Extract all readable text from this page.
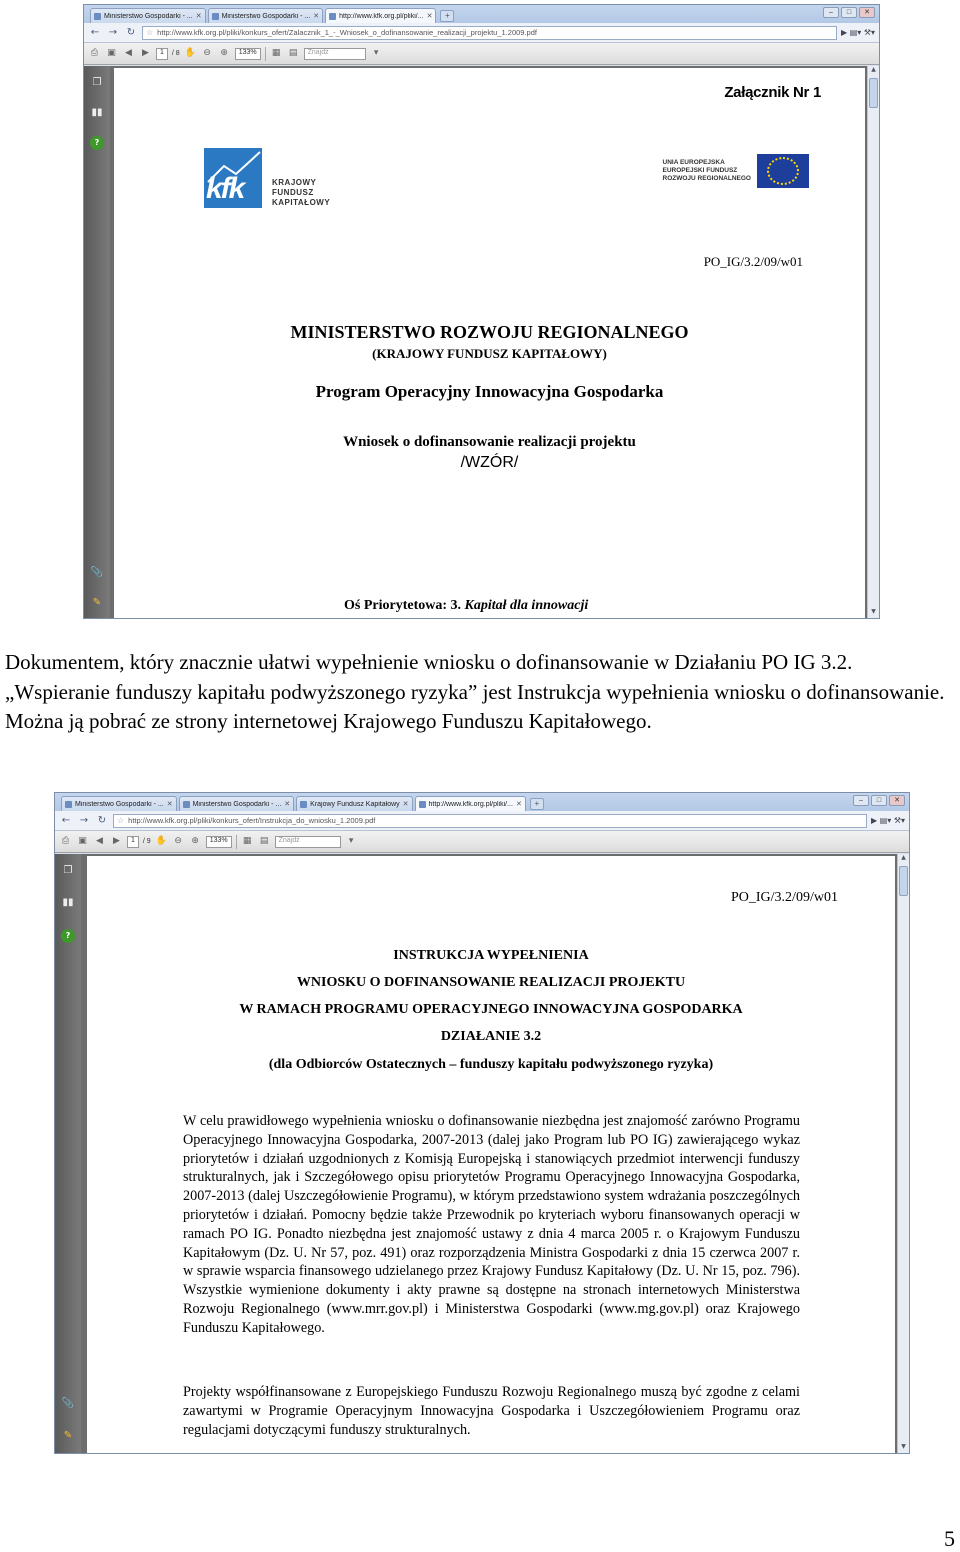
Ministerstwo Gospodarki - ... ✕	Ministerstwo Gospodarki - ... ✕	http://www.kfk.org.pl/pliki/... ✕	+	–	□	✕
← → ↻	☆ http://www.kfk.org.pl/pliki/konkurs_ofert/Zalacznik_1_-_Wniosek_o_dofinansowanie_realizacji_projektu_1.2009.pdf	▶ ▤▾ ⚒▾
⎙	▣	◀	▶	1	/ 8 ✋ ⊖	⊕	133%	▦ ▤	Znajdź	▾
❐
▮▮
?
📎
✎
Załącznik Nr 1
kfk	KRAJOWY
FUNDUSZ
KAPITAŁOWY
UNIA EUROPEJSKA
EUROPEJSKI FUNDUSZ
ROZWOJU REGIONALNEGO
PO_IG/3.2/09/w01
MINISTERSTWO ROZWOJU REGIONALNEGO
(KRAJOWY FUNDUSZ KAPITAŁOWY)
Program Operacyjny Innowacyjna Gospodarka
Wniosek o dofinansowanie realizacji projektu
/WZÓR/
Oś Priorytetowa: 3. Kapitał dla innowacji
▲
▼

Dokumentem, który znacznie ułatwi wypełnienie wniosku o dofinansowanie w Działaniu PO IG 3.2. „Wspieranie funduszy kapitału podwyższonego ryzyka” jest Instrukcja wypełnienia wniosku o dofinansowanie. Można ją pobrać ze strony internetowej Krajowego Funduszu Kapitałowego.

Ministerstwo Gospodarki - ... ✕	Ministerstwo Gospodarki - ... ✕	Krajowy Fundusz Kapitałowy ✕	http://www.kfk.org.pl/pliki/... ✕	+	–	□	✕
← → ↻	☆ http://www.kfk.org.pl/pliki/konkurs_ofert/Instrukcja_do_wniosku_1.2009.pdf	▶ ▤▾ ⚒▾
⎙	▣	◀	▶	1	/ 9 ✋ ⊖	⊕	133%	▦ ▤	Znajdź	▾
❐
▮▮
?
📎
✎
PO_IG/3.2/09/w01
INSTRUKCJA WYPEŁNIENIA
WNIOSKU O DOFINANSOWANIE REALIZACJI PROJEKTU
W RAMACH PROGRAMU OPERACYJNEGO INNOWACYJNA GOSPODARKA
DZIAŁANIE 3.2
(dla Odbiorców Ostatecznych – funduszy kapitału podwyższonego ryzyka)

W celu prawidłowego wypełnienia wniosku o dofinansowanie niezbędna jest znajomość zarówno Programu Operacyjnego Innowacyjna Gospodarka, 2007-2013 (dalej jako Program lub PO IG) zawierającego wykaz priorytetów i działań uzgodnionych z Komisją Europejską i stanowiących przedmiot interwencji funduszy strukturalnych, jak i Szczegółowego opisu priorytetów Programu Operacyjnego Innowacyjna Gospodarka, 2007-2013 (dalej Uszczegółowienie Programu), w którym przedstawiono system wdrażania poszczególnych priorytetów i działań. Pomocny będzie także Przewodnik po kryteriach wyboru finansowanych operacji w ramach PO IG. Ponadto niezbędna jest znajomość ustawy z dnia 4 marca 2005 r. o Krajowym Funduszu Kapitałowym (Dz. U. Nr 57, poz. 491) oraz rozporządzenia Ministra Gospodarki z dnia 15 czerwca 2007 r. w sprawie wsparcia finansowego udzielanego przez Krajowy Fundusz Kapitałowy (Dz. U. Nr 15, poz. 796). Wszystkie wymienione dokumenty i akty prawne są dostępne na stronach internetowych Ministerstwa Rozwoju Regionalnego (www.mrr.gov.pl) i Ministerstwa Gospodarki (www.mg.gov.pl) oraz Krajowego Funduszu Kapitałowego.

Projekty współfinansowane z Europejskiego Funduszu Rozwoju Regionalnego muszą być zgodne z celami zawartymi w Programie Operacyjnym Innowacyjna Gospodarka i Uszczegółowieniem Programu oraz regulacjami dotyczącymi funduszy strukturalnych.

▲
▼
5
